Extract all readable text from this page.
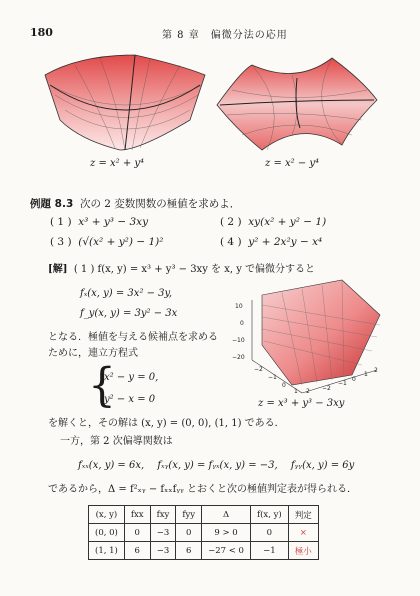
180	第 8 章　偏微分法の応用
z = x² + y⁴	z = x² − y⁴
例題 8.3 次の 2 変数関数の極値を求めよ．
( 1 ) x³ + y³ − 3xy	( 2 ) xy(x² + y² − 1)
( 3 ) (√(x² + y²) − 1)²	( 4 ) y² + 2x²y − x⁴
[解] ( 1 ) f(x, y) = x³ + y³ − 3xy を x, y で偏微分すると
fₓ(x, y) = 3x² − 3y,
f_y(x, y) = 3y² − 3x
となる．極値を与える候補点を求める
ために，連立方程式
{
x² − y = 0,
y² − x = 0
10
0
−10
−20
−2
−1
0
1 2 −2
−1
0
1
2
z = x³ + y³ − 3xy
を解くと，その解は (x, y) = (0, 0), (1, 1) である．
一方，第 2 次偏導関数は
fₓₓ(x, y) = 6x,　 fₓᵧ(x, y) = fᵧₓ(x, y) = −3,　 fᵧᵧ(x, y) = 6y
であるから，Δ = f²ₓᵧ − fₓₓfᵧᵧ とおくと次の極値判定表が得られる．
(x, y)	fxx	fxy	fyy	Δ	f(x, y)	判定
(0, 0)	0	−3	0	9 > 0	0	×
(1, 1)	6	−3	6	−27 < 0	−1	極小
